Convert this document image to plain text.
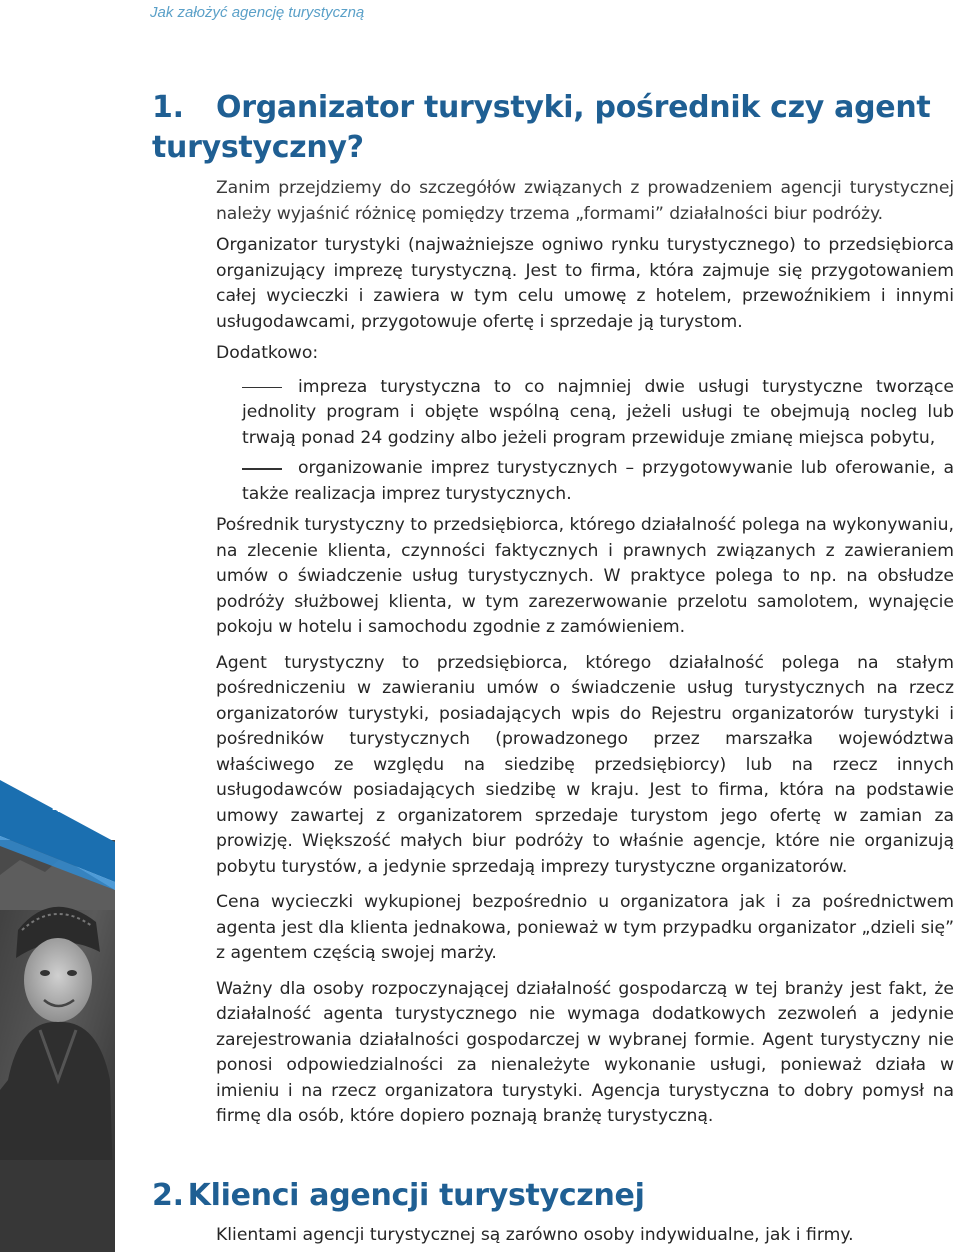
Jak założyć agencję turystyczną
1. Organizator turystyki, pośrednik czy agent turystyczny?

Zanim przejdziemy do szczegółów związanych z prowadzeniem agencji turystycznej należy wyjaśnić różnicę pomiędzy trzema „formami” działalności biur podróży.

Organizator turystyki (najważniejsze ogniwo rynku turystycznego) to przedsiębiorca organizujący imprezę turystyczną. Jest to firma, która zajmuje się przygotowaniem całej wycieczki i zawiera w tym celu umowę z hotelem, przewoźnikiem i innymi usługodawcami, przygotowuje ofertę i sprzedaje ją turystom.

Dodatkowo:

impreza turystyczna to co najmniej dwie usługi turystyczne tworzące jednolity program i objęte wspólną ceną, jeżeli usługi te obejmują nocleg lub trwają ponad 24 godziny albo jeżeli program przewiduje zmianę miejsca pobytu,
organizowanie imprez turystycznych – przygotowywanie lub oferowanie, a także realizacja imprez turystycznych.

Pośrednik turystyczny to przedsiębiorca, którego działalność polega na wykonywaniu, na zlecenie klienta, czynności faktycznych i prawnych związanych z zawieraniem umów o świadczenie usług turystycznych. W praktyce polega to np. na obsłudze podróży służbowej klienta, w tym zarezerwowanie przelotu samolotem, wynajęcie pokoju w hotelu i samochodu zgodnie z zamówieniem.

Agent turystyczny to przedsiębiorca, którego działalność polega na stałym pośredniczeniu w zawieraniu umów o świadczenie usług turystycznych na rzecz organizatorów turystyki, posiadających wpis do Rejestru organizatorów turystyki i pośredników turystycznych (prowadzonego przez marszałka województwa właściwego ze względu na siedzibę przedsiębiorcy) lub na rzecz innych usługodawców posiadających siedzibę w kraju. Jest to firma, która na podstawie umowy zawartej z organizatorem sprzedaje turystom jego ofertę w zamian za prowizję. Większość małych biur podróży to właśnie agencje, które nie organizują pobytu turystów, a jedynie sprzedają imprezy turystyczne organizatorów.

Cena wycieczki wykupionej bezpośrednio u organizatora jak i za pośrednictwem agenta jest dla klienta jednakowa, ponieważ w tym przypadku organizator „dzieli się” z agentem częścią swojej marży.

Ważny dla osoby rozpoczynającej działalność gospodarczą w tej branży jest fakt, że działalność agenta turystycznego nie wymaga dodatkowych zezwoleń a jedynie zarejestrowania działalności gospodarczej w wybranej formie. Agent turystyczny nie ponosi odpowiedzialności za nienależyte wykonanie usługi, ponieważ działa w imieniu i na rzecz organizatora turystyki. Agencja turystyczna to dobry pomysł na firmę dla osób, które dopiero poznają branżę turystyczną.

2. Klienci agencji turystycznej

Klientami agencji turystycznej są zarówno osoby indywidualne, jak i firmy.

4
